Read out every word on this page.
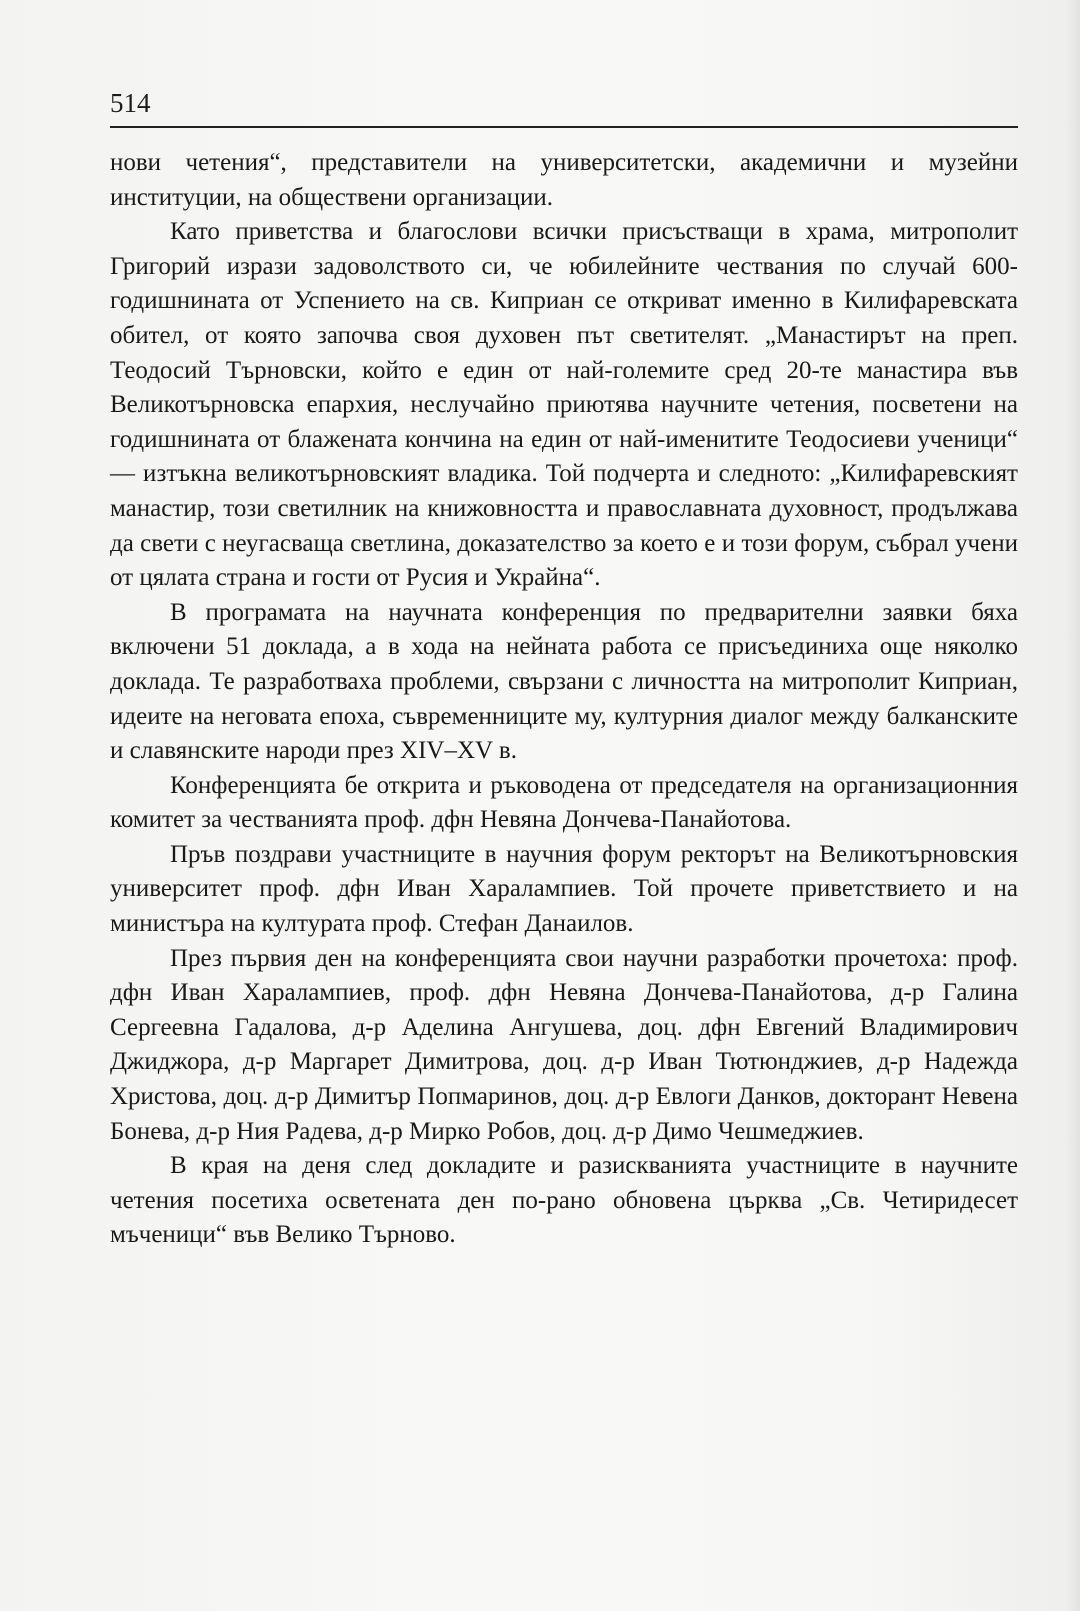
514

нови четения“, представители на университетски, академични и музейни институции, на обществени организации.

Като приветства и благослови всички присъстващи в храма, митрополит Григорий изрази задоволството си, че юбилейните чествания по случай 600-годишнината от Успението на св. Киприан се откриват именно в Килифаревската обител, от която започва своя духовен път светителят. „Манастирът на преп. Теодосий Търновски, който е един от най-големите сред 20-те манастира във Великотърновска епархия, неслучайно приютява научните четения, посветени на годишнината от блажената кончина на един от най-именитите Теодосиеви ученици“ — изтъкна великотърновският владика. Той подчерта и следното: „Килифаревският манастир, този светилник на книжовността и православната духовност, продължава да свети с неугасваща светлина, доказателство за което е и този форум, събрал учени от цялата страна и гости от Русия и Украйна“.

В програмата на научната конференция по предварителни заявки бяха включени 51 доклада, а в хода на нейната работа се присъединиха още няколко доклада. Те разработваха проблеми, свързани с личността на митрополит Киприан, идеите на неговата епоха, съвременниците му, културния диалог между балканските и славянските народи през XIV–XV в.

Конференцията бе открита и ръководена от председателя на организационния комитет за честванията проф. дфн Невяна Дончева-Панайотова.

Пръв поздрави участниците в научния форум ректорът на Великотърновския университет проф. дфн Иван Харалампиев. Той прочете приветствието и на министъра на културата проф. Стефан Данаилов.

През първия ден на конференцията свои научни разработки прочетоха: проф. дфн Иван Харалампиев, проф. дфн Невяна Дончева-Панайотова, д-р Галина Сергеевна Гадалова, д-р Аделина Ангушева, доц. дфн Евгений Владимирович Джиджора, д-р Маргарет Димитрова, доц. д-р Иван Тютюнджиев, д-р Надежда Христова, доц. д-р Димитър Попмаринов, доц. д-р Евлоги Данков, докторант Невена Бонева, д-р Ния Радева, д-р Мирко Робов, доц. д-р Димо Чешмеджиев.

В края на деня след докладите и разискванията участниците в научните четения посетиха осветената ден по-рано обновена църква „Св. Четиридесет мъченици“ във Велико Търново.
